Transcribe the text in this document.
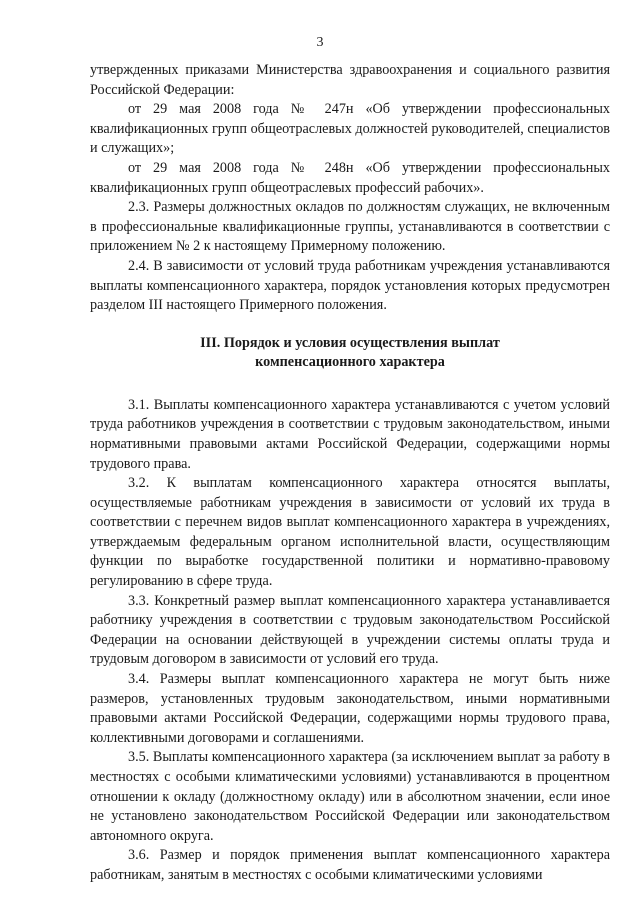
3

утвержденных приказами Министерства здравоохранения и социального развития Российской Федерации:

от 29 мая 2008 года № 247н «Об утверждении профессиональных квалификационных групп общеотраслевых должностей руководителей, специалистов и служащих»;

от 29 мая 2008 года № 248н «Об утверждении профессиональных квалификационных групп общеотраслевых профессий рабочих».

2.3. Размеры должностных окладов по должностям служащих, не включенным в профессиональные квалификационные группы, устанавливаются в соответствии с приложением № 2 к настоящему Примерному положению.

2.4. В зависимости от условий труда работникам учреждения устанавливаются выплаты компенсационного характера, порядок установления которых предусмотрен разделом III настоящего Примерного положения.

III. Порядок и условия осуществления выплат
компенсационного характера

3.1. Выплаты компенсационного характера устанавливаются с учетом условий труда работников учреждения в соответствии с трудовым законодательством, иными нормативными правовыми актами Российской Федерации, содержащими нормы трудового права.

3.2. К выплатам компенсационного характера относятся выплаты, осуществляемые работникам учреждения в зависимости от условий их труда в соответствии с перечнем видов выплат компенсационного характера в учреждениях, утверждаемым федеральным органом исполнительной власти, осуществляющим функции по выработке государственной политики и нормативно-правовому регулированию в сфере труда.

3.3. Конкретный размер выплат компенсационного характера устанавливается работнику учреждения в соответствии с трудовым законодательством Российской Федерации на основании действующей в учреждении системы оплаты труда и трудовым договором в зависимости от условий его труда.

3.4. Размеры выплат компенсационного характера не могут быть ниже размеров, установленных трудовым законодательством, иными нормативными правовыми актами Российской Федерации, содержащими нормы трудового права, коллективными договорами и соглашениями.

3.5. Выплаты компенсационного характера (за исключением выплат за работу в местностях с особыми климатическими условиями) устанавливаются в процентном отношении к окладу (должностному окладу) или в абсолютном значении, если иное не установлено законодательством Российской Федерации или законодательством автономного округа.

3.6. Размер и порядок применения выплат компенсационного характера работникам, занятым в местностях с особыми климатическими условиями
